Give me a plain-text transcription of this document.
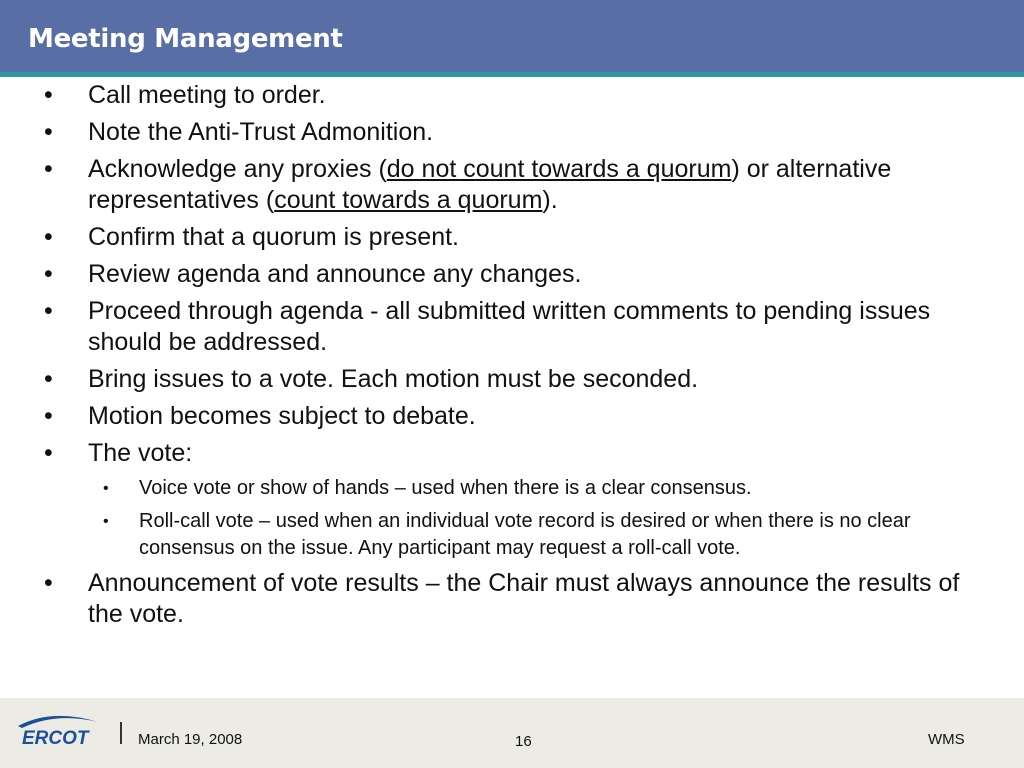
Meeting Management
• Call meeting to order.
• Note the Anti-Trust Admonition.
• Acknowledge any proxies (do not count towards a quorum) or alternative representatives (count towards a quorum).
• Confirm that a quorum is present.
• Review agenda and announce any changes.
• Proceed through agenda - all submitted written comments to pending issues should be addressed.
• Bring issues to a vote. Each motion must be seconded.
• Motion becomes subject to debate.
• The vote:
• Voice vote or show of hands – used when there is a clear consensus.
• Roll-call vote – used when an individual vote record is desired or when there is no clear consensus on the issue. Any participant may request a roll-call vote.
• Announcement of vote results – the Chair must always announce the results of the vote.
ERCOT	March 19, 2008	16	WMS
